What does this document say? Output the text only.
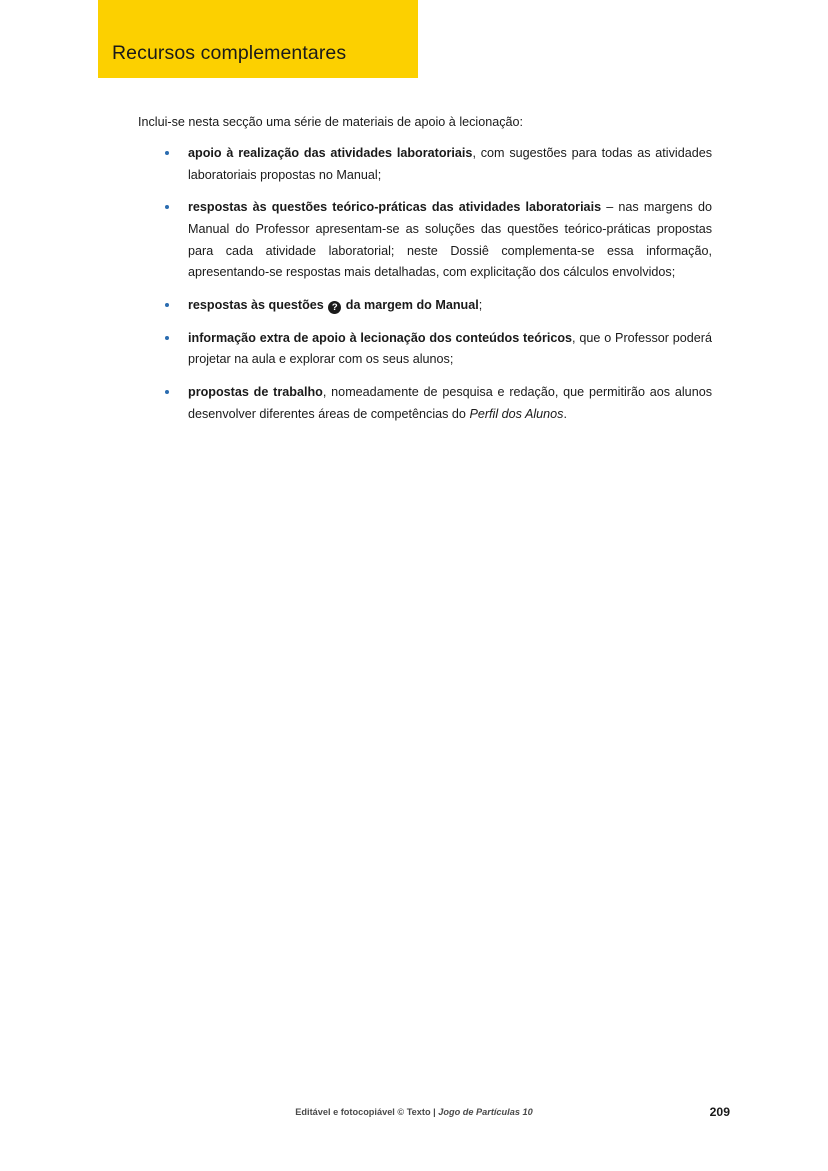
Recursos complementares
Inclui-se nesta secção uma série de materiais de apoio à lecionação:
apoio à realização das atividades laboratoriais, com sugestões para todas as atividades laboratoriais propostas no Manual;
respostas às questões teórico-práticas das atividades laboratoriais – nas margens do Manual do Professor apresentam-se as soluções das questões teórico-práticas propostas para cada atividade laboratorial; neste Dossiê complementa-se essa informação, apresentando-se respostas mais detalhadas, com explicitação dos cálculos envolvidos;
respostas às questões ? da margem do Manual;
informação extra de apoio à lecionação dos conteúdos teóricos, que o Professor poderá projetar na aula e explorar com os seus alunos;
propostas de trabalho, nomeadamente de pesquisa e redação, que permitirão aos alunos desenvolver diferentes áreas de competências do Perfil dos Alunos.
Editável e fotocopiável © Texto | Jogo de Partículas 10	209
